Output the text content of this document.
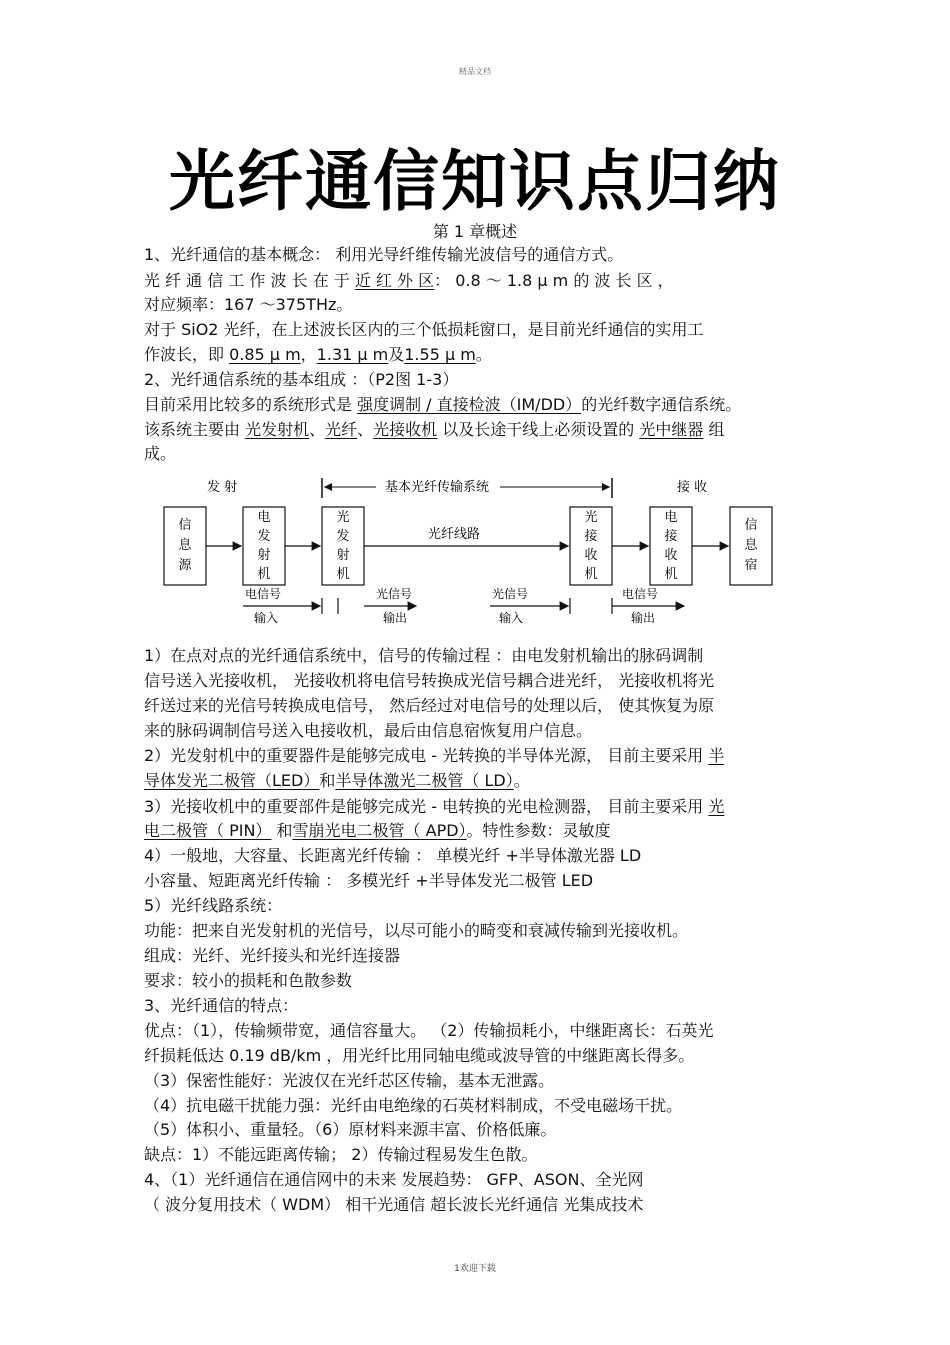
精品文档
光纤通信知识点归纳
第 1 章概述
1、光纤通信的基本概念： 利用光导纤维传输光波信号的通信方式。
光 纤 通 信 工 作 波 长 在 于 近 红 外 区： 0.8 ～ 1.8 μ m 的 波 长 区 ，
对应频率：167 ～375THz。
对于 SiO2 光纤，在上述波长区内的三个低损耗窗口，是目前光纤通信的实用工
作波长，即 0.85 μ m，1.31 μ m及1.55 μ m。
2、光纤通信系统的基本组成 ：（P2图 1-3）
目前采用比较多的系统形式是 强度调制 / 直接检波（IM/DD）的光纤数字通信系统。
该系统主要由 光发射机、光纤、光接收机 以及长途干线上必须设置的 光中继器 组
成。
发 射	基本光纤传输系统	接 收
信
息
源
电
发
射
机
光
发
射
机
光
接
收
机
电
接
收
机
信
息
宿
光纤线路
电信号
输入
光信号
输出
光信号
输入
电信号
输出
1）在点对点的光纤通信系统中，信号的传输过程 ：由电发射机输出的脉码调制
信号送入光接收机， 光接收机将电信号转换成光信号耦合进光纤， 光接收机将光
纤送过来的光信号转换成电信号， 然后经过对电信号的处理以后， 使其恢复为原
来的脉码调制信号送入电接收机，最后由信息宿恢复用户信息。
2）光发射机中的重要器件是能够完成电 - 光转换的半导体光源， 目前主要采用 半
导体发光二极管（LED）和半导体激光二极管（ LD）。
3）光接收机中的重要部件是能够完成光 - 电转换的光电检测器， 目前主要采用 光
电二极管（ PIN） 和雪崩光电二极管（ APD）。特性参数：灵敏度
4）一般地，大容量、长距离光纤传输 ： 单模光纤 +半导体激光器 LD
小容量、短距离光纤传输 ： 多模光纤 +半导体发光二极管 LED
5）光纤线路系统：
功能：把来自光发射机的光信号，以尽可能小的畸变和衰减传输到光接收机。
组成：光纤、光纤接头和光纤连接器
要求：较小的损耗和色散参数
3、光纤通信的特点：
优点：（1），传输频带宽，通信容量大。 （2）传输损耗小，中继距离长：石英光
纤损耗低达 0.19 dB/km ，用光纤比用同轴电缆或波导管的中继距离长得多。
（3）保密性能好：光波仅在光纤芯区传输，基本无泄露。
（4）抗电磁干扰能力强：光纤由电绝缘的石英材料制成，不受电磁场干扰。
（5）体积小、重量轻。（6）原材料来源丰富、价格低廉。
缺点：1）不能远距离传输； 2）传输过程易发生色散。
4、（1）光纤通信在通信网中的未来 发展趋势： GFP、ASON、全光网
（ 波分复用技术（ WDM） 相干光通信 超长波长光纤通信 光集成技术
1欢迎下载
